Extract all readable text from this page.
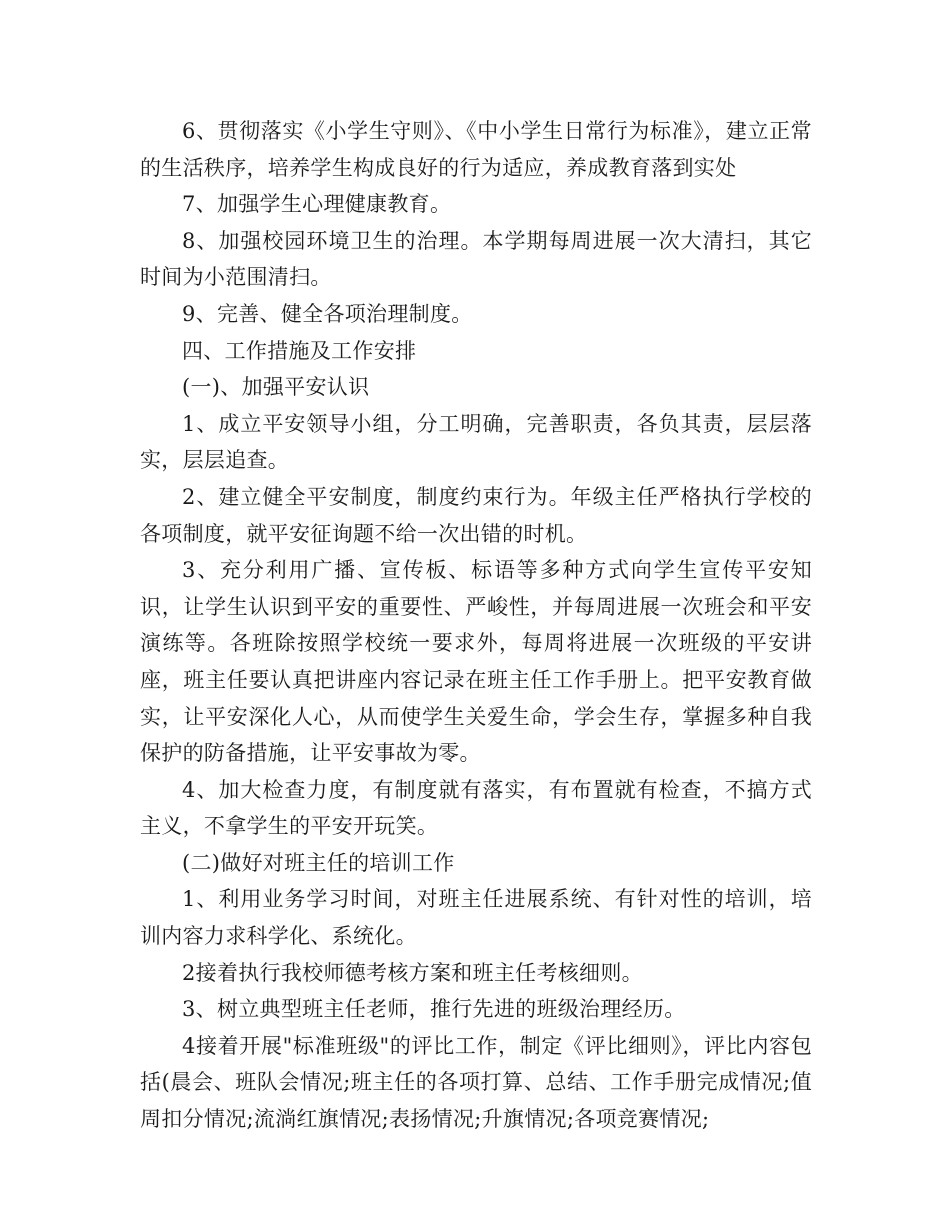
6、贯彻落实《小学生守则》、《中小学生日常行为标准》，建立正常的生活秩序，培养学生构成良好的行为适应，养成教育落到实处

7、加强学生心理健康教育。

8、加强校园环境卫生的治理。本学期每周进展一次大清扫，其它时间为小范围清扫。

9、完善、健全各项治理制度。

四、工作措施及工作安排

(一)、加强平安认识

1、成立平安领导小组，分工明确，完善职责，各负其责，层层落实，层层追查。

2、建立健全平安制度，制度约束行为。年级主任严格执行学校的各项制度，就平安征询题不给一次出错的时机。

3、充分利用广播、宣传板、标语等多种方式向学生宣传平安知识，让学生认识到平安的重要性、严峻性，并每周进展一次班会和平安演练等。各班除按照学校统一要求外，每周将进展一次班级的平安讲座，班主任要认真把讲座内容记录在班主任工作手册上。把平安教育做实，让平安深化人心，从而使学生关爱生命，学会生存，掌握多种自我保护的防备措施，让平安事故为零。

4、加大检查力度，有制度就有落实，有布置就有检查，不搞方式主义，不拿学生的平安开玩笑。

(二)做好对班主任的培训工作

1、利用业务学习时间，对班主任进展系统、有针对性的培训，培训内容力求科学化、系统化。

2接着执行我校师德考核方案和班主任考核细则。

3、树立典型班主任老师，推行先进的班级治理经历。

4接着开展"标准班级"的评比工作，制定《评比细则》，评比内容包括(晨会、班队会情况;班主任的各项打算、总结、工作手册完成情况;值周扣分情况;流淌红旗情况;表扬情况;升旗情况;各项竞赛情况;
